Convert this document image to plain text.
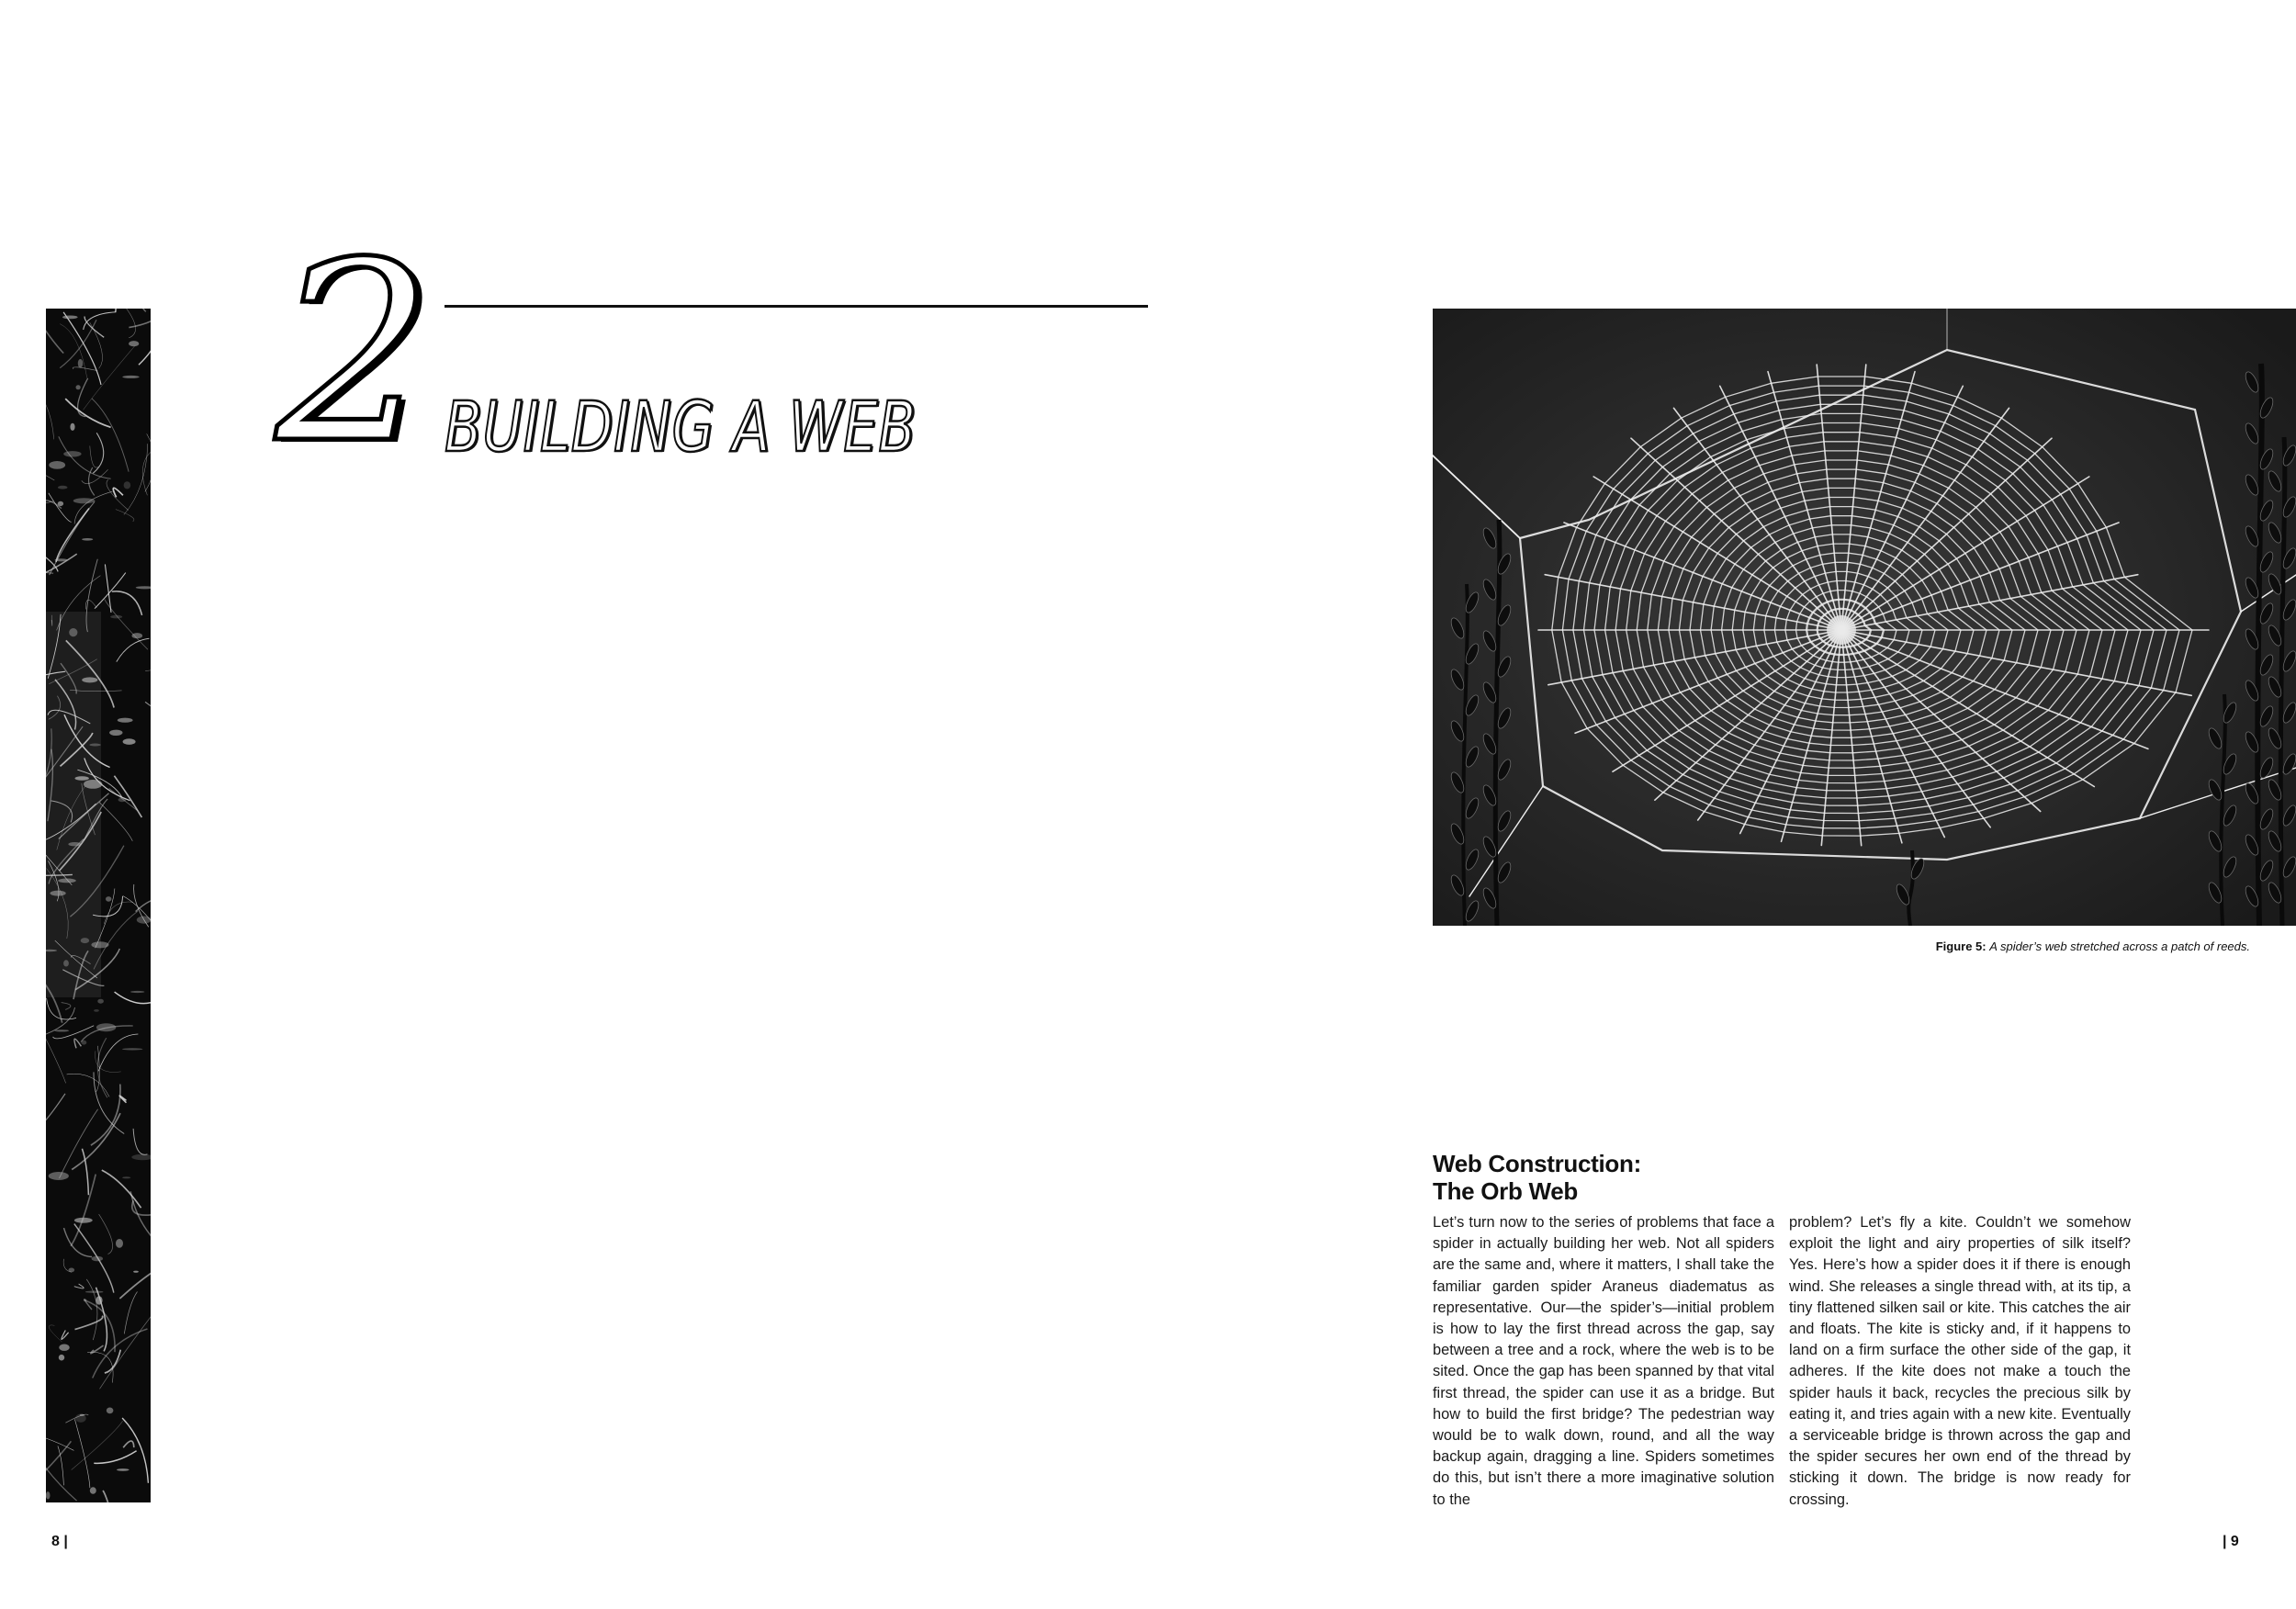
2 BUILDING A WEB
Figure 5: A spider’s web stretched across a patch of reeds.
Web Construction:
The Orb Web
Let’s turn now to the series of problems that face a spider in actually building her web. Not all spiders are the same and, where it matters, I shall take the familiar garden spider Araneus diadematus as representative. Our—the spider’s—initial problem is how to lay the first thread across the gap, say between a tree and a rock, where the web is to be sited. Once the gap has been spanned by that vital first thread, the spider can use it as a bridge. But how to build the first bridge? The pedestrian way would be to walk down, round, and all the way backup again, dragging a line. Spiders sometimes do this, but isn’t there a more imaginative solution to the
problem? Let’s fly a kite. Couldn’t we somehow exploit the light and airy properties of silk itself? Yes. Here’s how a spider does it if there is enough wind. She releases a single thread with, at its tip, a tiny flattened silken sail or kite. This catches the air and floats. The kite is sticky and, if it happens to land on a firm surface the other side of the gap, it adheres. If the kite does not make a touch the spider hauls it back, recycles the precious silk by eating it, and tries again with a new kite. Eventually a serviceable bridge is thrown across the gap and the spider secures her own end of the thread by sticking it down. The bridge is now ready for crossing.
8 |	| 9
